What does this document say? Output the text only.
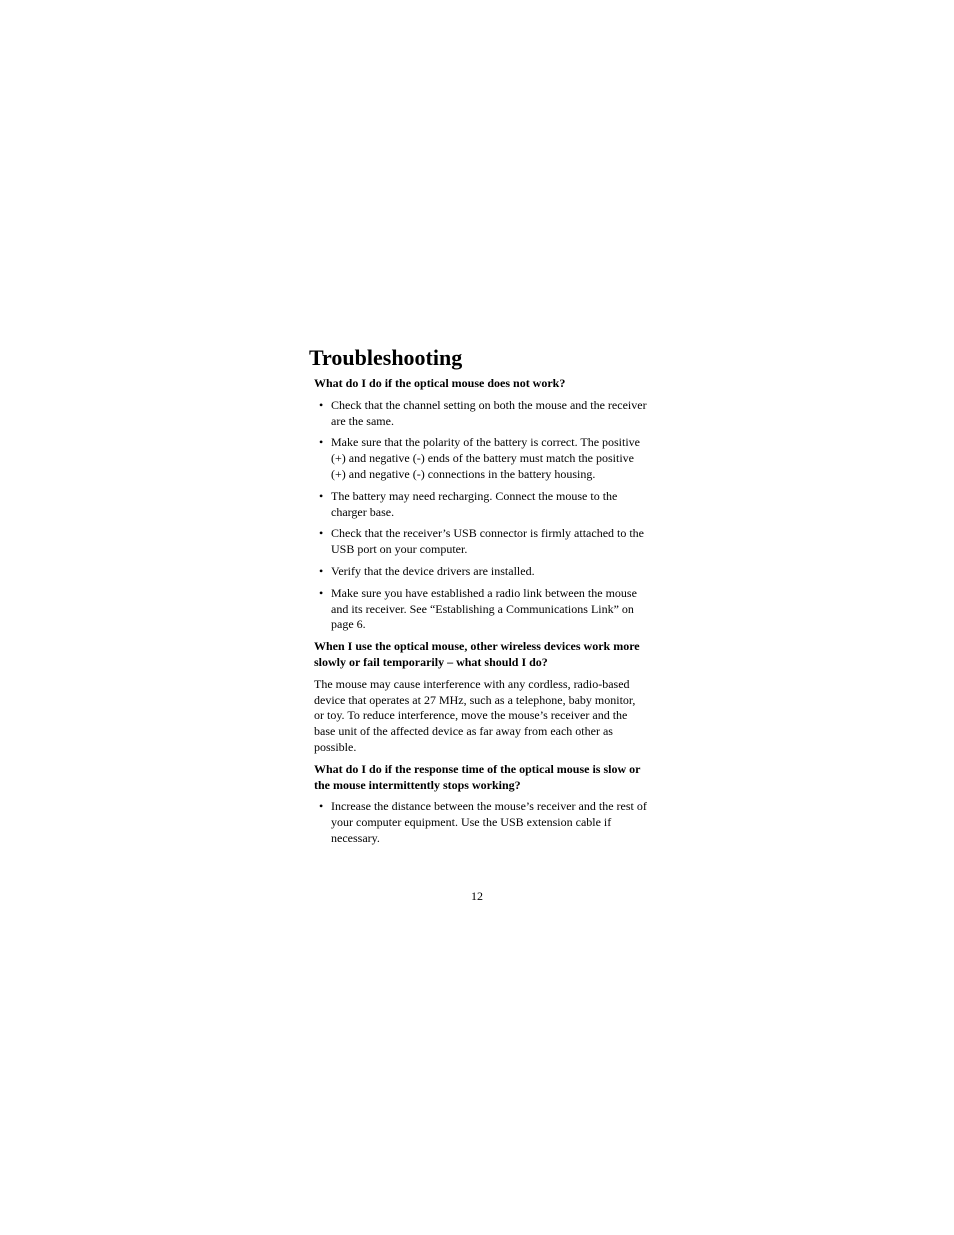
Troubleshooting

What do I do if the optical mouse does not work?

• Check that the channel setting on both the mouse and the receiver are the same.
• Make sure that the polarity of the battery is correct. The positive (+) and negative (-) ends of the battery must match the positive (+) and negative (-) connections in the battery housing.
• The battery may need recharging. Connect the mouse to the charger base.
• Check that the receiver’s USB connector is firmly attached to the USB port on your computer.
• Verify that the device drivers are installed.
• Make sure you have established a radio link between the mouse and its receiver. See “Establishing a Communications Link” on page 6.

When I use the optical mouse, other wireless devices work more slowly or fail temporarily – what should I do?

The mouse may cause interference with any cordless, radio-based device that operates at 27 MHz, such as a telephone, baby monitor, or toy. To reduce interference, move the mouse’s receiver and the base unit of the affected device as far away from each other as possible.

What do I do if the response time of the optical mouse is slow or the mouse intermittently stops working?

• Increase the distance between the mouse’s receiver and the rest of your computer equipment. Use the USB extension cable if necessary.
12
